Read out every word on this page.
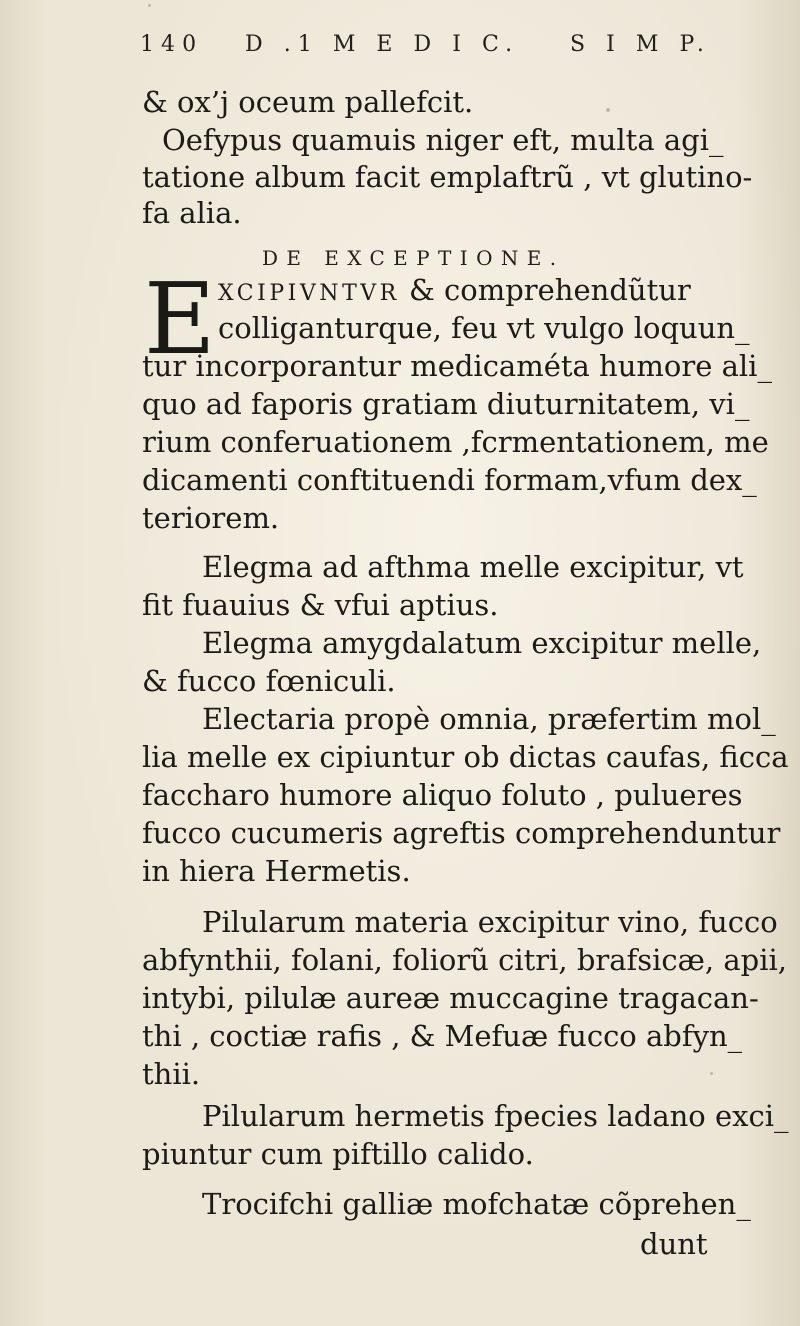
140 D .1 M E D I C. S I M P.
& ox’j oceum pallefcit.
Oefypus quamuis niger eft, multa agi_
tatione album facit emplaftrũ , vt glutino-
fa alia.
DE EXCEPTIONE.
E XCIPIVNTVR & comprehendũtur
colliganturque, feu vt vulgo loquun_
tur incorporantur medicaméta humore ali_
quo ad faporis gratiam diuturnitatem, vi_
rium conferuationem ,fcrmentationem, me
dicamenti conftituendi formam,vfum dex_
teriorem.
Elegma ad afthma melle excipitur, vt
fit fuauius & vfui aptius.
Elegma amygdalatum excipitur melle,
& fucco fœniculi.
Electaria propè omnia, præfertim mol_
lia melle ex cipiuntur ob dictas caufas, ficca
faccharo humore aliquo foluto , pulueres
fucco cucumeris agreftis comprehenduntur
in hiera Hermetis.
Pilularum materia excipitur vino, fucco
abfynthii, folani, foliorũ citri, brafsicæ, apii,
intybi, pilulæ aureæ muccagine tragacan-
thi , coctiæ rafis , & Mefuæ fucco abfyn_
thii.
Pilularum hermetis fpecies ladano exci_
piuntur cum piftillo calido.
Trocifchi galliæ mofchatæ cõprehen_
dunt
